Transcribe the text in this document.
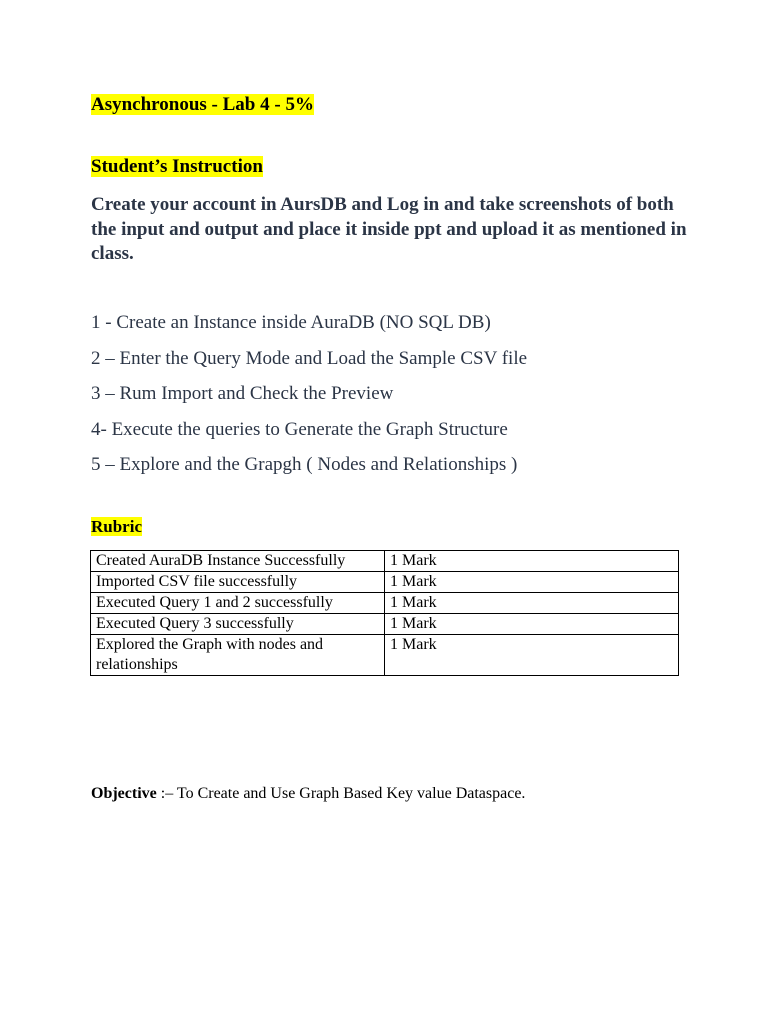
Asynchronous - Lab 4 - 5%
Student’s Instruction

Create your account in AursDB and Log in and take screenshots of both the input and output and place it inside ppt and upload it as mentioned in class.

1 - Create an Instance inside AuraDB (NO SQL DB)
2 – Enter the Query Mode and Load the Sample CSV file
3 – Rum Import and Check the Preview
4- Execute the queries to Generate the Graph Structure
5 – Explore and the Grapgh ( Nodes and Relationships )
Rubric
Created AuraDB Instance Successfully	1 Mark
Imported CSV file successfully	1 Mark
Executed Query 1 and 2 successfully	1 Mark
Executed Query 3 successfully	1 Mark
Explored the Graph with nodes and relationships	1 Mark
Objective :– To Create and Use Graph Based Key value Dataspace.
